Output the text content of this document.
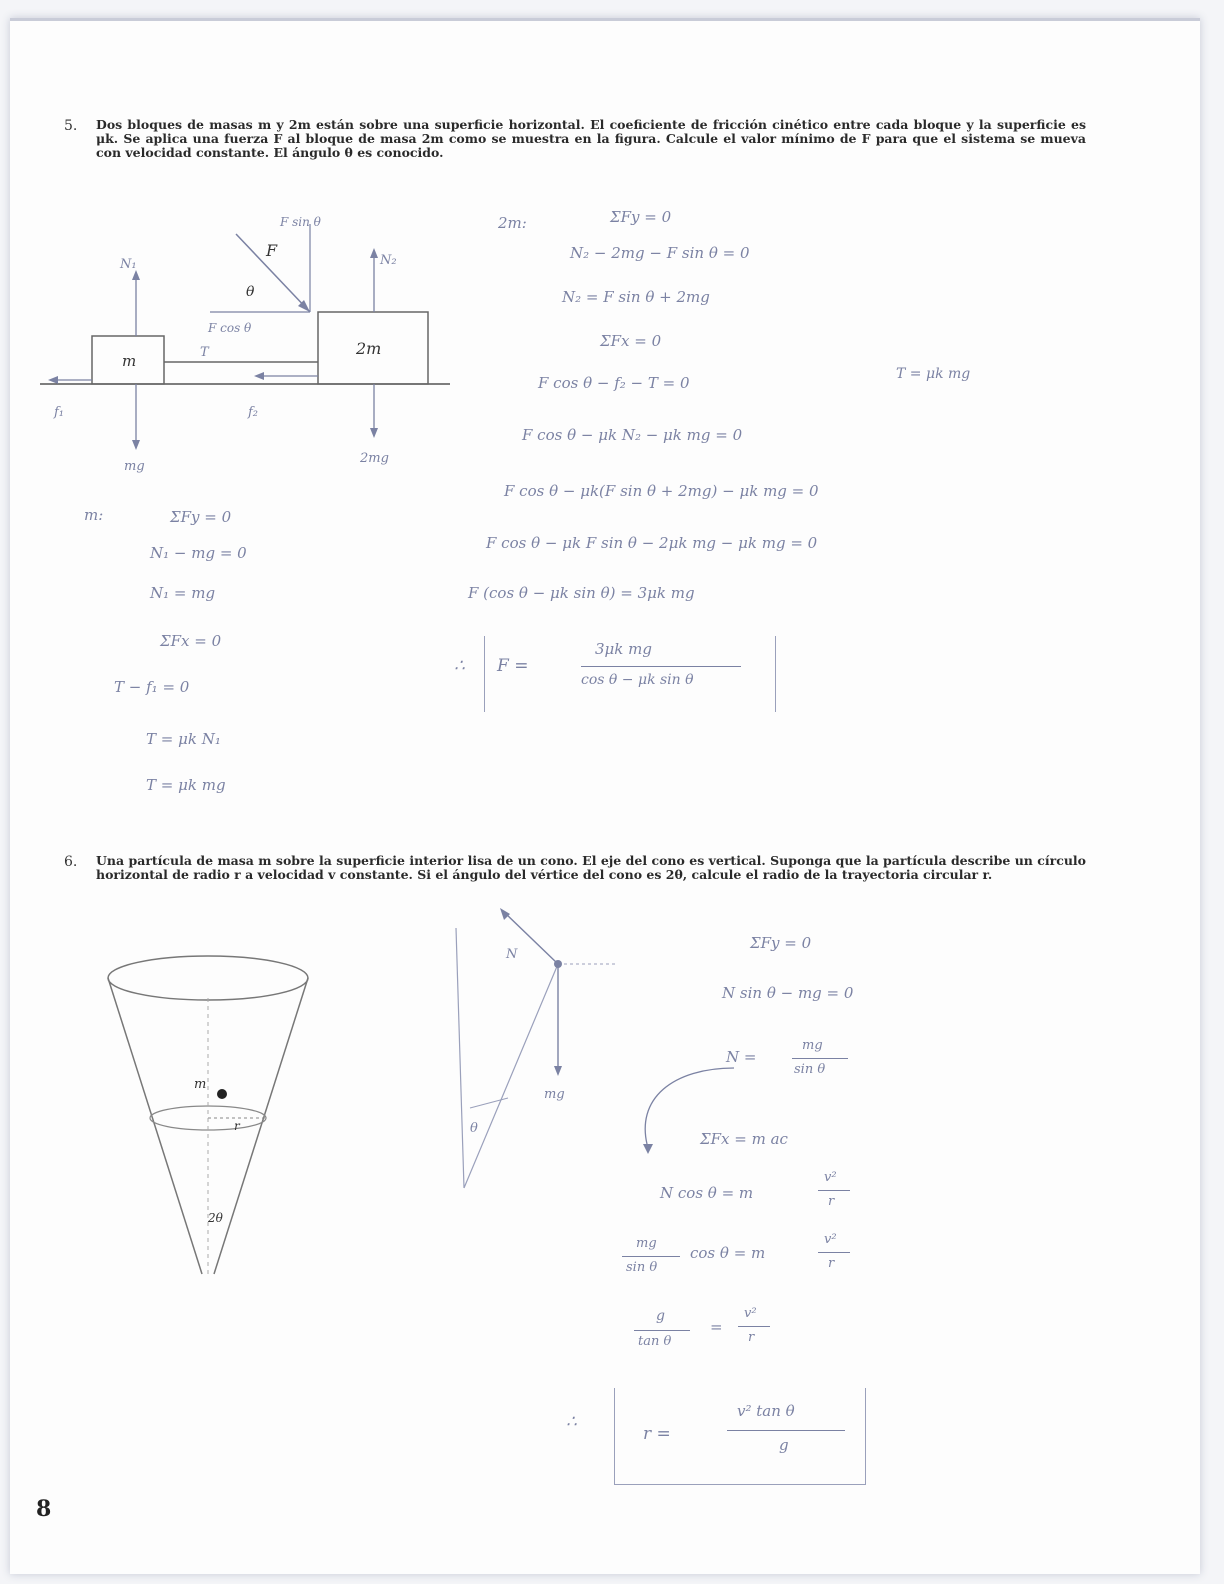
5. Dos bloques de masas m y 2m están sobre una superficie horizontal. El coeficiente de fricción cinético entre cada bloque y la superficie es μk. Se aplica una fuerza F al bloque de masa 2m como se muestra en la figura. Calcule el valor mínimo de F para que el sistema se mueva con velocidad constante. El ángulo θ es conocido.
F
F sin θ
F cos θ
θ
N₁	N₂
m
2m
T
f₁	f₂
mg
2mg
m:	ΣFy = 0
N₁ − mg = 0
N₁ = mg
ΣFx = 0
T − f₁ = 0
T = μk N₁
T = μk mg
2m:	ΣFy = 0
N₂ − 2mg − F sin θ = 0
N₂ = F sin θ + 2mg
ΣFx = 0
F cos θ − f₂ − T = 0
F cos θ − μk N₂ − μk mg = 0
F cos θ − μk(F sin θ + 2mg) − μk mg = 0
F cos θ − μk F sin θ − 2μk mg − μk mg = 0
F (cos θ − μk sin θ) = 3μk mg
T = μk mg
∴ F =
3μk mg
cos θ − μk sin θ
6. Una partícula de masa m sobre la superficie interior lisa de un cono. El eje del cono es vertical. Suponga que la partícula describe un círculo horizontal de radio r a velocidad v constante. Si el ángulo del vértice del cono es 2θ, calcule el radio de la trayectoria circular r.
m
r
2θ
N
mg
θ
ΣFy = 0
N sin θ − mg = 0
N =
mg
sin θ
ΣFx = m ac
N cos θ = m
v²
r
mg
sin θ
cos θ = m
v²
r
g
tan θ
=
v²
r
∴
r =
v² tan θ
g
8
